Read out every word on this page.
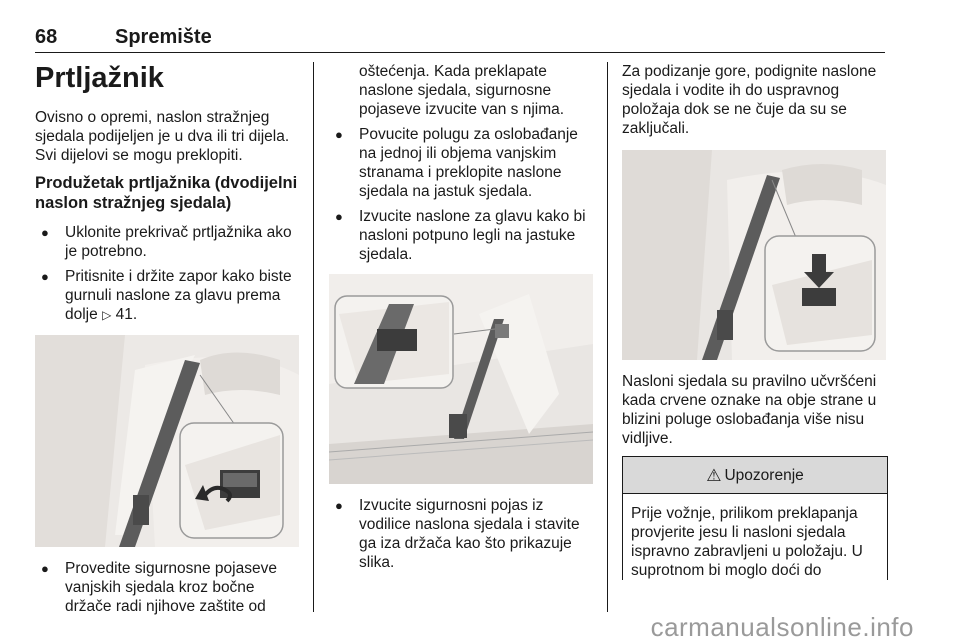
68	Spremište
Prtljažnik

Ovisno o opremi, naslon stražnjeg sjedala podijeljen je u dva ili tri dijela. Svi dijelovi se mogu preklopiti.

Produžetak prtljažnika (dvodijelni naslon stražnjeg sjedala)
● Uklonite prekrivač prtljažnika ako je potrebno.
● Pritisnite i držite zapor kako biste gurnuli naslone za glavu prema dolje ▷ 41.
● Provedite sigurnosne pojaseve vanjskih sjedala kroz bočne držače radi njihove zaštite od

oštećenja. Kada preklapate naslone sjedala, sigurnosne pojaseve izvucite van s njima.

● Povucite polugu za oslobađanje na jednoj ili objema vanjskim stranama i preklopite naslone sjedala na jastuk sjedala.
● Izvucite naslone za glavu kako bi nasloni potpuno legli na jastuke sjedala.
● Izvucite sigurnosni pojas iz vodilice naslona sjedala i stavite ga iza držača kao što prikazuje slika.

Za podizanje gore, podignite naslone sjedala i vodite ih do uspravnog položaja dok se ne čuje da su se zaključali.

Nasloni sjedala su pravilno učvršćeni kada crvene oznake na obje strane u blizini poluge oslobađanja više nisu vidljive.

⚠ Upozorenje
Prije vožnje, prilikom preklapanja provjerite jesu li nasloni sjedala ispravno zabravljeni u položaju. U suprotnom bi moglo doći do
carmanualsonline.info
